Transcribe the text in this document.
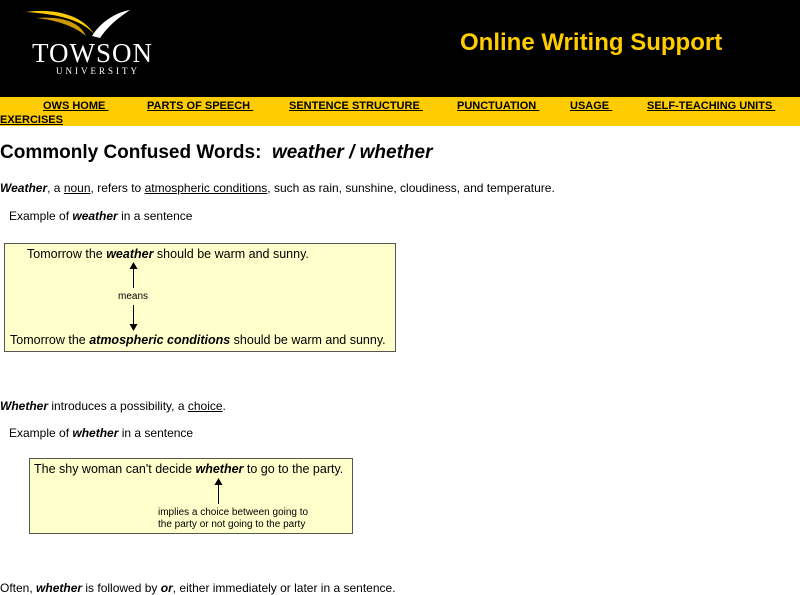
TOWSON
UNIVERSITY
Online Writing Support
OWS HOME	PARTS OF SPEECH	SENTENCE STRUCTURE	PUNCTUATION	USAGE	SELF-TEACHING UNITS
EXERCISES
Commonly Confused Words: weather / whether
Weather, a noun, refers to atmospheric conditions, such as rain, sunshine, cloudiness, and temperature.
Example of weather in a sentence
Tomorrow the weather should be warm and sunny.
means
Tomorrow the atmospheric conditions should be warm and sunny.
Whether introduces a possibility, a choice.
Example of whether in a sentence
The shy woman can't decide whether to go to the party.
implies a choice between going to
the party or not going to the party
Often, whether is followed by or, either immediately or later in a sentence.
